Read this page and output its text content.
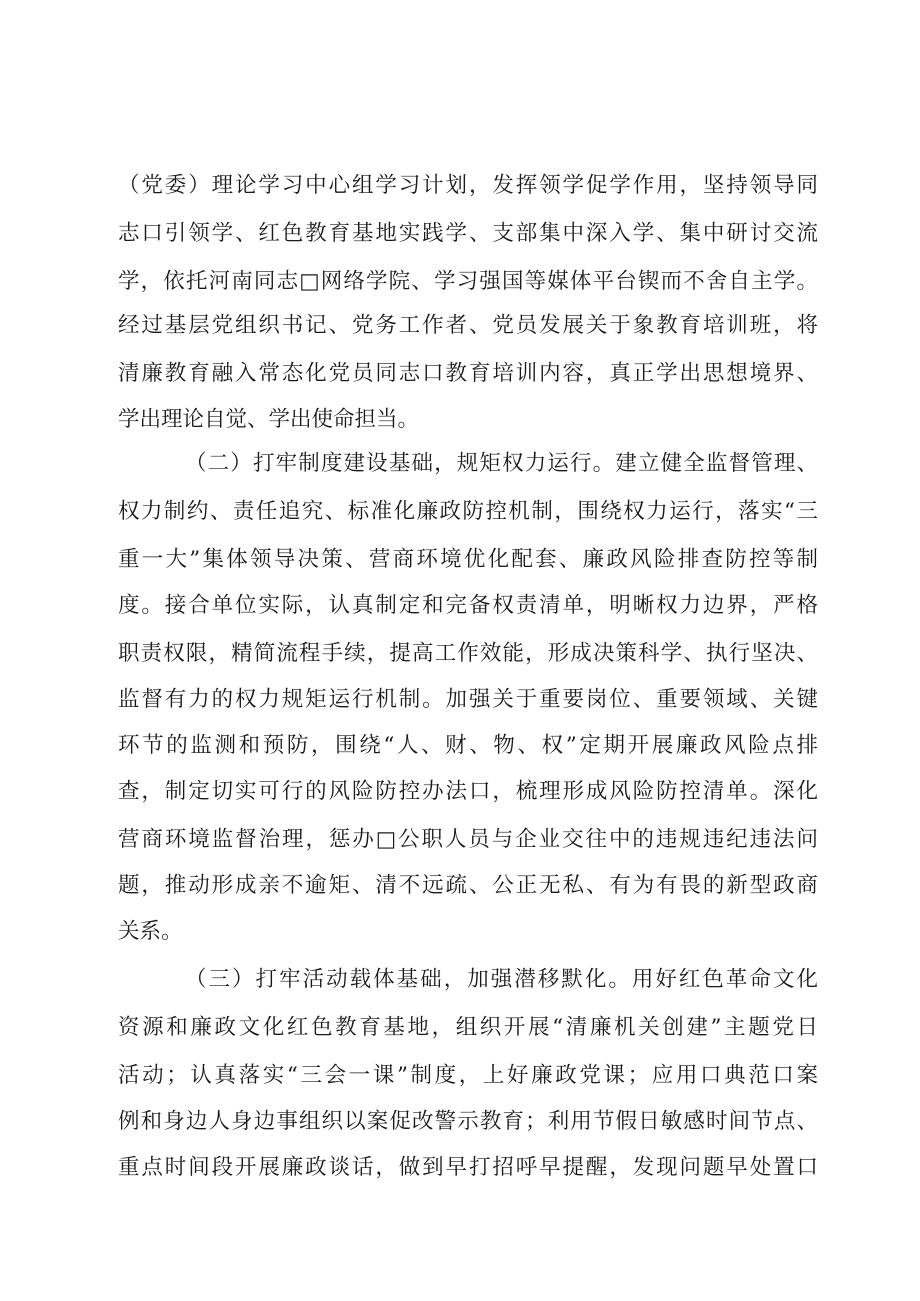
（党委）理论学习中心组学习计划，发挥领学促学作用，坚持领导同
志口引领学、红色教育基地实践学、支部集中深入学、集中研讨交流
学，依托河南同志□网络学院、学习强国等媒体平台锲而不舍自主学。
经过基层党组织书记、党务工作者、党员发展关于象教育培训班，将
清廉教育融入常态化党员同志口教育培训内容，真正学出思想境界、
学出理论自觉、学出使命担当。
（二）打牢制度建设基础，规矩权力运行。建立健全监督管理、
权力制约、责任追究、标准化廉政防控机制，围绕权力运行，落实“三
重一大”集体领导决策、营商环境优化配套、廉政风险排查防控等制
度。接合单位实际，认真制定和完备权责清单，明晰权力边界，严格
职责权限，精简流程手续，提高工作效能，形成决策科学、执行坚决、
监督有力的权力规矩运行机制。加强关于重要岗位、重要领域、关键
环节的监测和预防，围绕“人、财、物、权”定期开展廉政风险点排
查，制定切实可行的风险防控办法口，梳理形成风险防控清单。深化
营商环境监督治理，惩办□公职人员与企业交往中的违规违纪违法问
题，推动形成亲不逾矩、清不远疏、公正无私、有为有畏的新型政商
关系。
（三）打牢活动载体基础，加强潜移默化。用好红色革命文化
资源和廉政文化红色教育基地，组织开展“清廉机关创建”主题党日
活动；认真落实“三会一课”制度，上好廉政党课；应用口典范口案
例和身边人身边事组织以案促改警示教育；利用节假日敏感时间节点、
重点时间段开展廉政谈话，做到早打招呼早提醒，发现问题早处置口
